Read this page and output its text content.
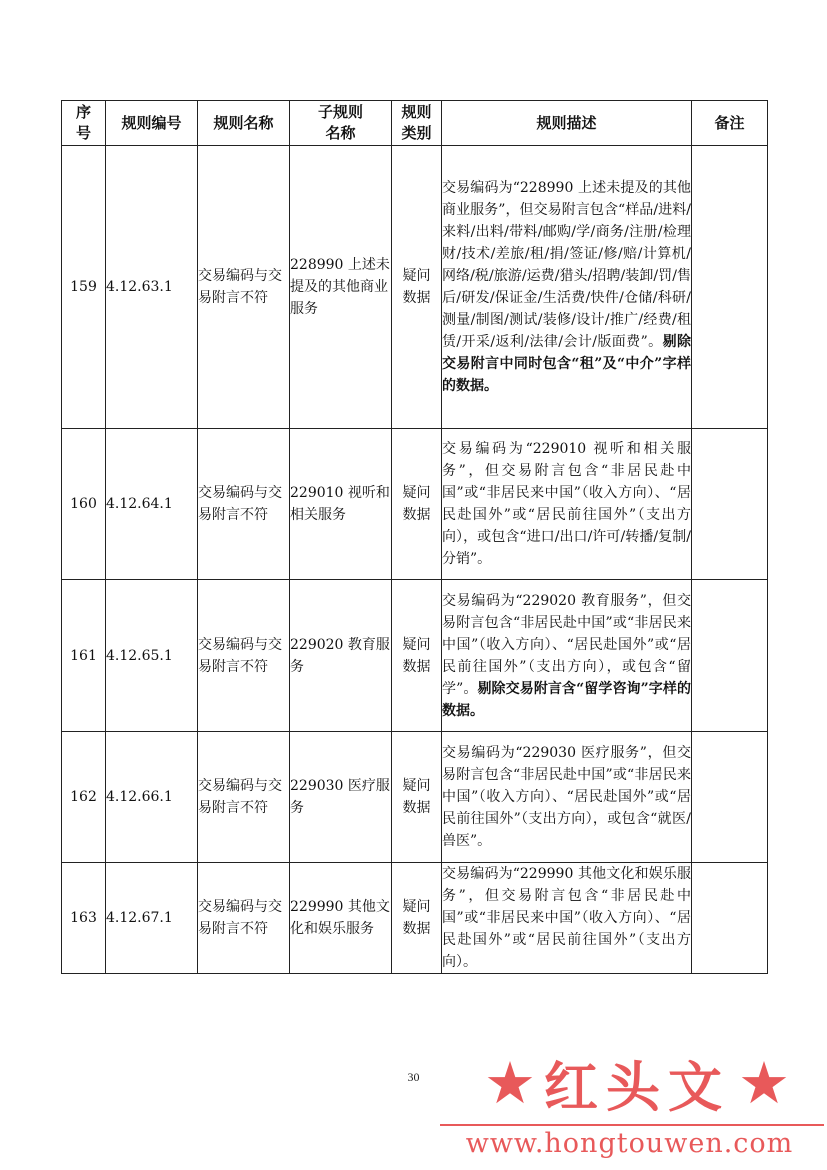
序号	规则编号	规则名称	子规则名称	规则类别	规则描述	备注
159	4.12.63.1	交易编码与交易附言不符	228990 上述未提及的其他商业服务	疑问数据	交易编码为“228990 上述未提及的其他商业服务”，但交易附言包含“样品/进料/来料/出料/带料/邮购/学/商务/注册/检理财/技术/差旅/租/捐/签证/修/赔/计算机/网络/税/旅游/运费/猎头/招聘/装卸/罚/售后/研发/保证金/生活费/快件/仓储/科研/测量/制图/测试/装修/设计/推广/经费/租赁/开采/返利/法律/会计/版面费”。剔除交易附言中同时包含“租”及“中介”字样的数据。	
160	4.12.64.1	交易编码与交易附言不符	229010 视听和相关服务	疑问数据	交易编码为“229010 视听和相关服务”，但交易附言包含“非居民赴中国”或“非居民来中国”（收入方向）、“居民赴国外”或“居民前往国外”（支出方向），或包含“进口/出口/许可/转播/复制/分销”。	
161	4.12.65.1	交易编码与交易附言不符	229020 教育服务	疑问数据	交易编码为“229020 教育服务”，但交易附言包含“非居民赴中国”或“非居民来中国”（收入方向）、“居民赴国外”或“居民前往国外”（支出方向），或包含“留学”。剔除交易附言含“留学咨询”字样的数据。	
162	4.12.66.1	交易编码与交易附言不符	229030 医疗服务	疑问数据	交易编码为“229030 医疗服务”，但交易附言包含“非居民赴中国”或“非居民来中国”（收入方向）、“居民赴国外”或“居民前往国外”（支出方向），或包含“就医/兽医”。	
163	4.12.67.1	交易编码与交易附言不符	229990 其他文化和娱乐服务	疑问数据	交易编码为“229990 其他文化和娱乐服务”，但交易附言包含“非居民赴中国”或“非居民来中国”（收入方向）、“居民赴国外”或“居民前往国外”（支出方向）。	
30	★ 红头文 ★
www.hongtouwen.com
